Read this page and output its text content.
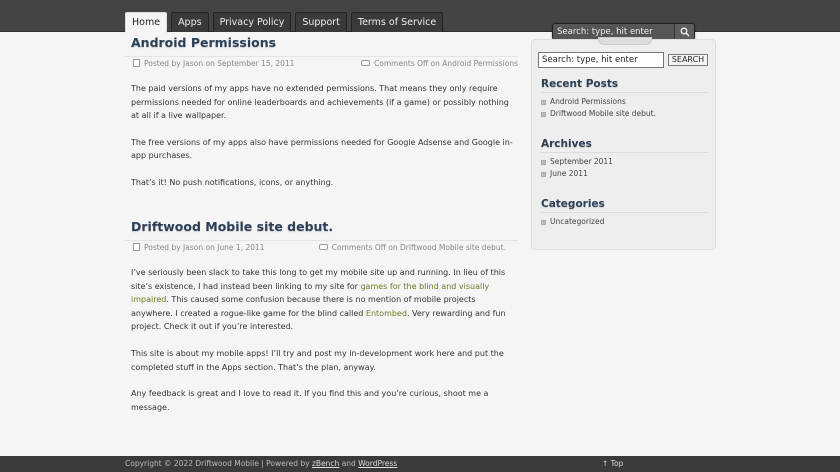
Home	Apps	Privacy Policy	Support	Terms of Service
Search: type, hit enter
Android Permissions
Posted by Jason on September 15, 2011	Comments Off on Android Permissions

The paid versions of my apps have no extended permissions. That means they only require permissions needed for online leaderboards and achievements (if a game) or possibly nothing at all if a live wallpaper.

The free versions of my apps also have permissions needed for Google Adsense and Google in-app purchases.

That’s it! No push notifications, icons, or anything.

Driftwood Mobile site debut.
Posted by Jason on June 1, 2011	Comments Off on Driftwood Mobile site debut.

I’ve seriously been slack to take this long to get my mobile site up and running. In lieu of this site’s existence, I had instead been linking to my site for games for the blind and visually impaired. This caused some confusion because there is no mention of mobile projects anywhere. I created a rogue-like game for the blind called Entombed. Very rewarding and fun project. Check it out if you’re interested.

This site is about my mobile apps! I’ll try and post my in-development work here and put the completed stuff in the Apps section. That’s the plan, anyway.

Any feedback is great and I love to read it. If you find this and you’re curious, shoot me a message.

Search: type, hit enter
SEARCH
Recent Posts
Android Permissions
Driftwood Mobile site debut.
Archives
September 2011
June 2011
Categories
Uncategorized
Copyright © 2022 Driftwood Mobile | Powered by zBench and WordPress	↑ Top
